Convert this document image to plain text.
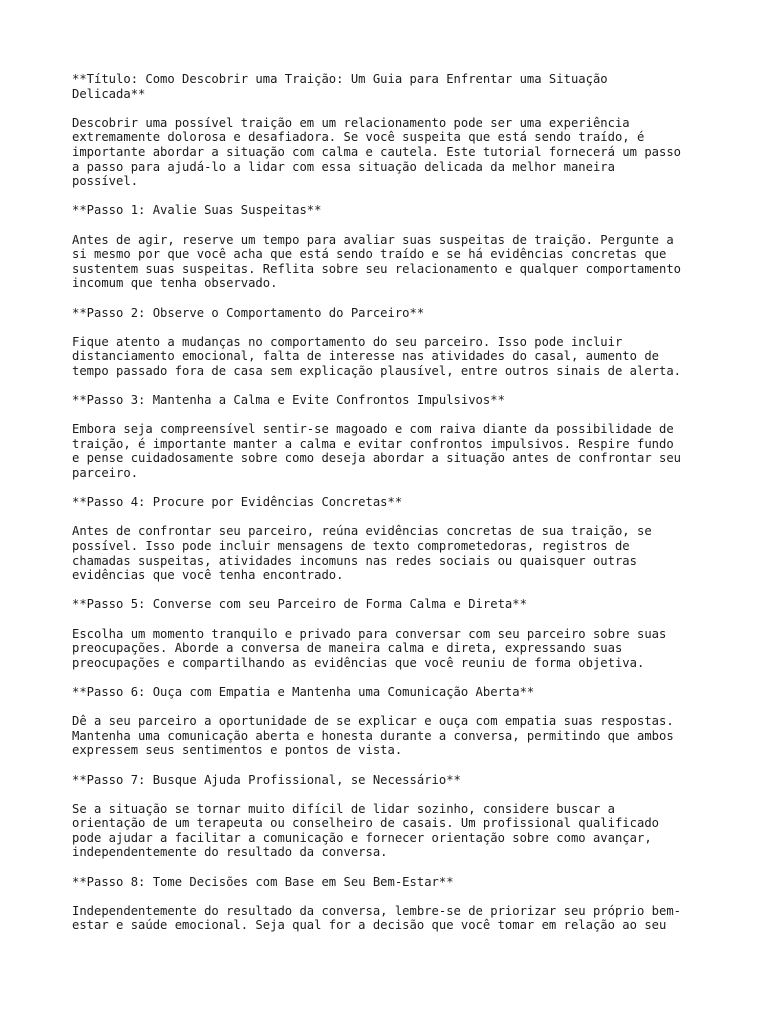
**Título: Como Descobrir uma Traição: Um Guia para Enfrentar uma Situação
Delicada**

Descobrir uma possível traição em um relacionamento pode ser uma experiência
extremamente dolorosa e desafiadora. Se você suspeita que está sendo traído, é
importante abordar a situação com calma e cautela. Este tutorial fornecerá um passo
a passo para ajudá-lo a lidar com essa situação delicada da melhor maneira
possível.

**Passo 1: Avalie Suas Suspeitas**

Antes de agir, reserve um tempo para avaliar suas suspeitas de traição. Pergunte a
si mesmo por que você acha que está sendo traído e se há evidências concretas que
sustentem suas suspeitas. Reflita sobre seu relacionamento e qualquer comportamento
incomum que tenha observado.

**Passo 2: Observe o Comportamento do Parceiro**

Fique atento a mudanças no comportamento do seu parceiro. Isso pode incluir
distanciamento emocional, falta de interesse nas atividades do casal, aumento de
tempo passado fora de casa sem explicação plausível, entre outros sinais de alerta.

**Passo 3: Mantenha a Calma e Evite Confrontos Impulsivos**

Embora seja compreensível sentir-se magoado e com raiva diante da possibilidade de
traição, é importante manter a calma e evitar confrontos impulsivos. Respire fundo
e pense cuidadosamente sobre como deseja abordar a situação antes de confrontar seu
parceiro.

**Passo 4: Procure por Evidências Concretas**

Antes de confrontar seu parceiro, reúna evidências concretas de sua traição, se
possível. Isso pode incluir mensagens de texto comprometedoras, registros de
chamadas suspeitas, atividades incomuns nas redes sociais ou quaisquer outras
evidências que você tenha encontrado.

**Passo 5: Converse com seu Parceiro de Forma Calma e Direta**

Escolha um momento tranquilo e privado para conversar com seu parceiro sobre suas
preocupações. Aborde a conversa de maneira calma e direta, expressando suas
preocupações e compartilhando as evidências que você reuniu de forma objetiva.

**Passo 6: Ouça com Empatia e Mantenha uma Comunicação Aberta**

Dê a seu parceiro a oportunidade de se explicar e ouça com empatia suas respostas.
Mantenha uma comunicação aberta e honesta durante a conversa, permitindo que ambos
expressem seus sentimentos e pontos de vista.

**Passo 7: Busque Ajuda Profissional, se Necessário**

Se a situação se tornar muito difícil de lidar sozinho, considere buscar a
orientação de um terapeuta ou conselheiro de casais. Um profissional qualificado
pode ajudar a facilitar a comunicação e fornecer orientação sobre como avançar,
independentemente do resultado da conversa.

**Passo 8: Tome Decisões com Base em Seu Bem-Estar**

Independentemente do resultado da conversa, lembre-se de priorizar seu próprio bem-
estar e saúde emocional. Seja qual for a decisão que você tomar em relação ao seu
